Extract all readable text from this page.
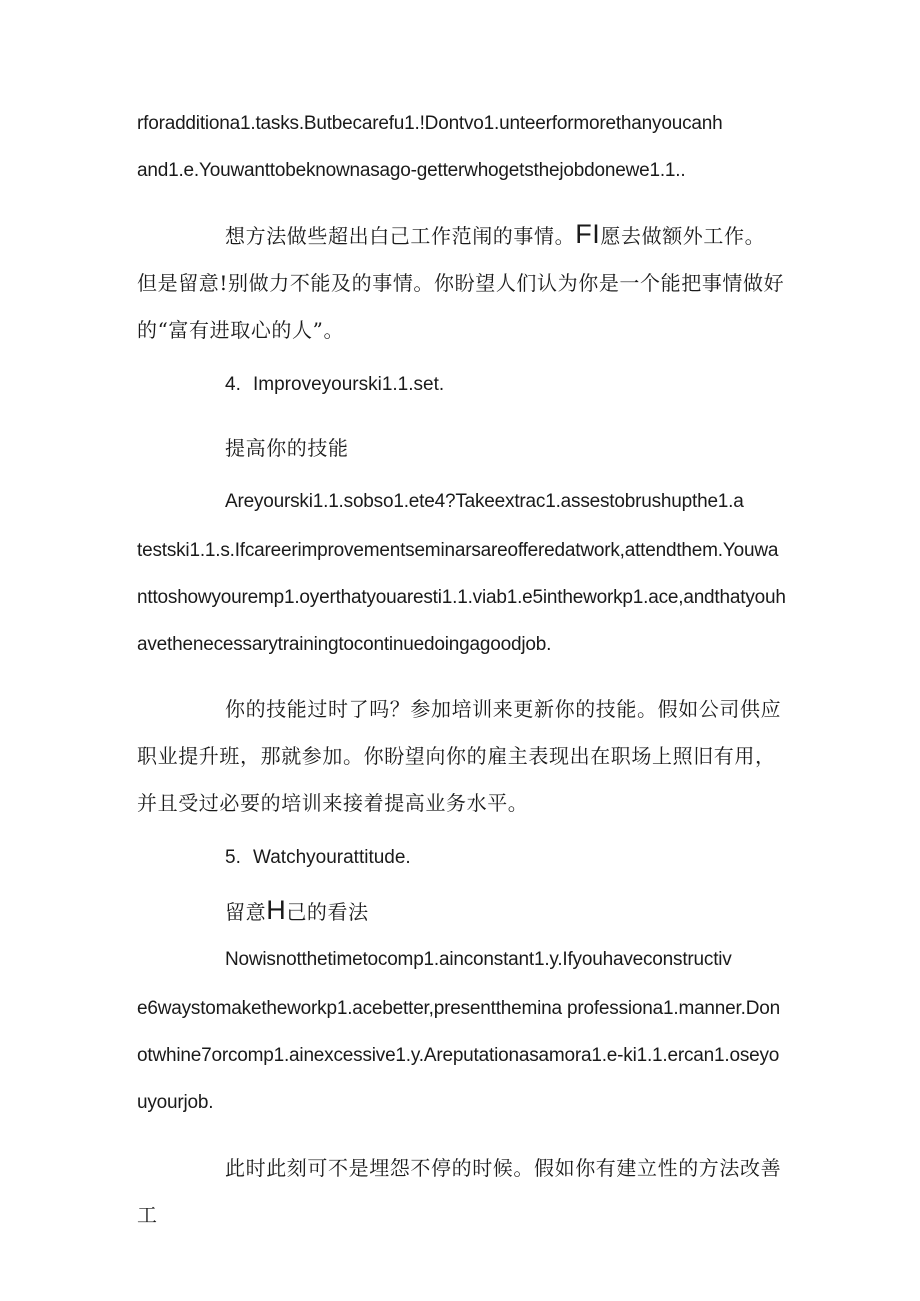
rforadditiona1.tasks.Butbecarefu1.!Dontvo1.unteerformorethanyoucanh
and1.e.Youwanttobeknownasago-getterwhogetsthejobdonewe1.1..
想方法做些超出白己工作范闱的事情。FI愿去做额外工作。但是留意!别做力不能及的事情。你盼望人们认为你是一个能把事情做好的“富有进取心的人”。
4. Improveyourski1.1.set.
提高你的技能
Areyourski1.1.sobso1.ete4?Takeextrac1.assestobrushupthe1.a
testski1.1.s.Ifcareerimprovementseminarsareofferedatwork,attendthem.Youwanttoshowyouremp1.oyerthatyouaresti1.1.viab1.e5intheworkp1.ace,andthatyouhavethenecessarytrainingtocontinuedoingagoodjob.
你的技能过时了吗？参加培训来更新你的技能。假如公司供应职业提升班，那就参加。你盼望向你的雇主表现出在职场上照旧有用，并且受过必要的培训来接着提高业务水平。
5. Watchyourattitude.
留意H己的看法
Nowisnotthetimetocomp1.ainconstant1.y.Ifyouhaveconstructiv
e6waystomaketheworkp1.acebetter,presentthemina professiona1.manner.Donotwhine7orcomp1.ainexcessive1.y.Areputationasamora1.e-ki1.1.ercan1.oseyouyourjob.
此时此刻可不是埋怨不停的时候。假如你有建立性的方法改善工
